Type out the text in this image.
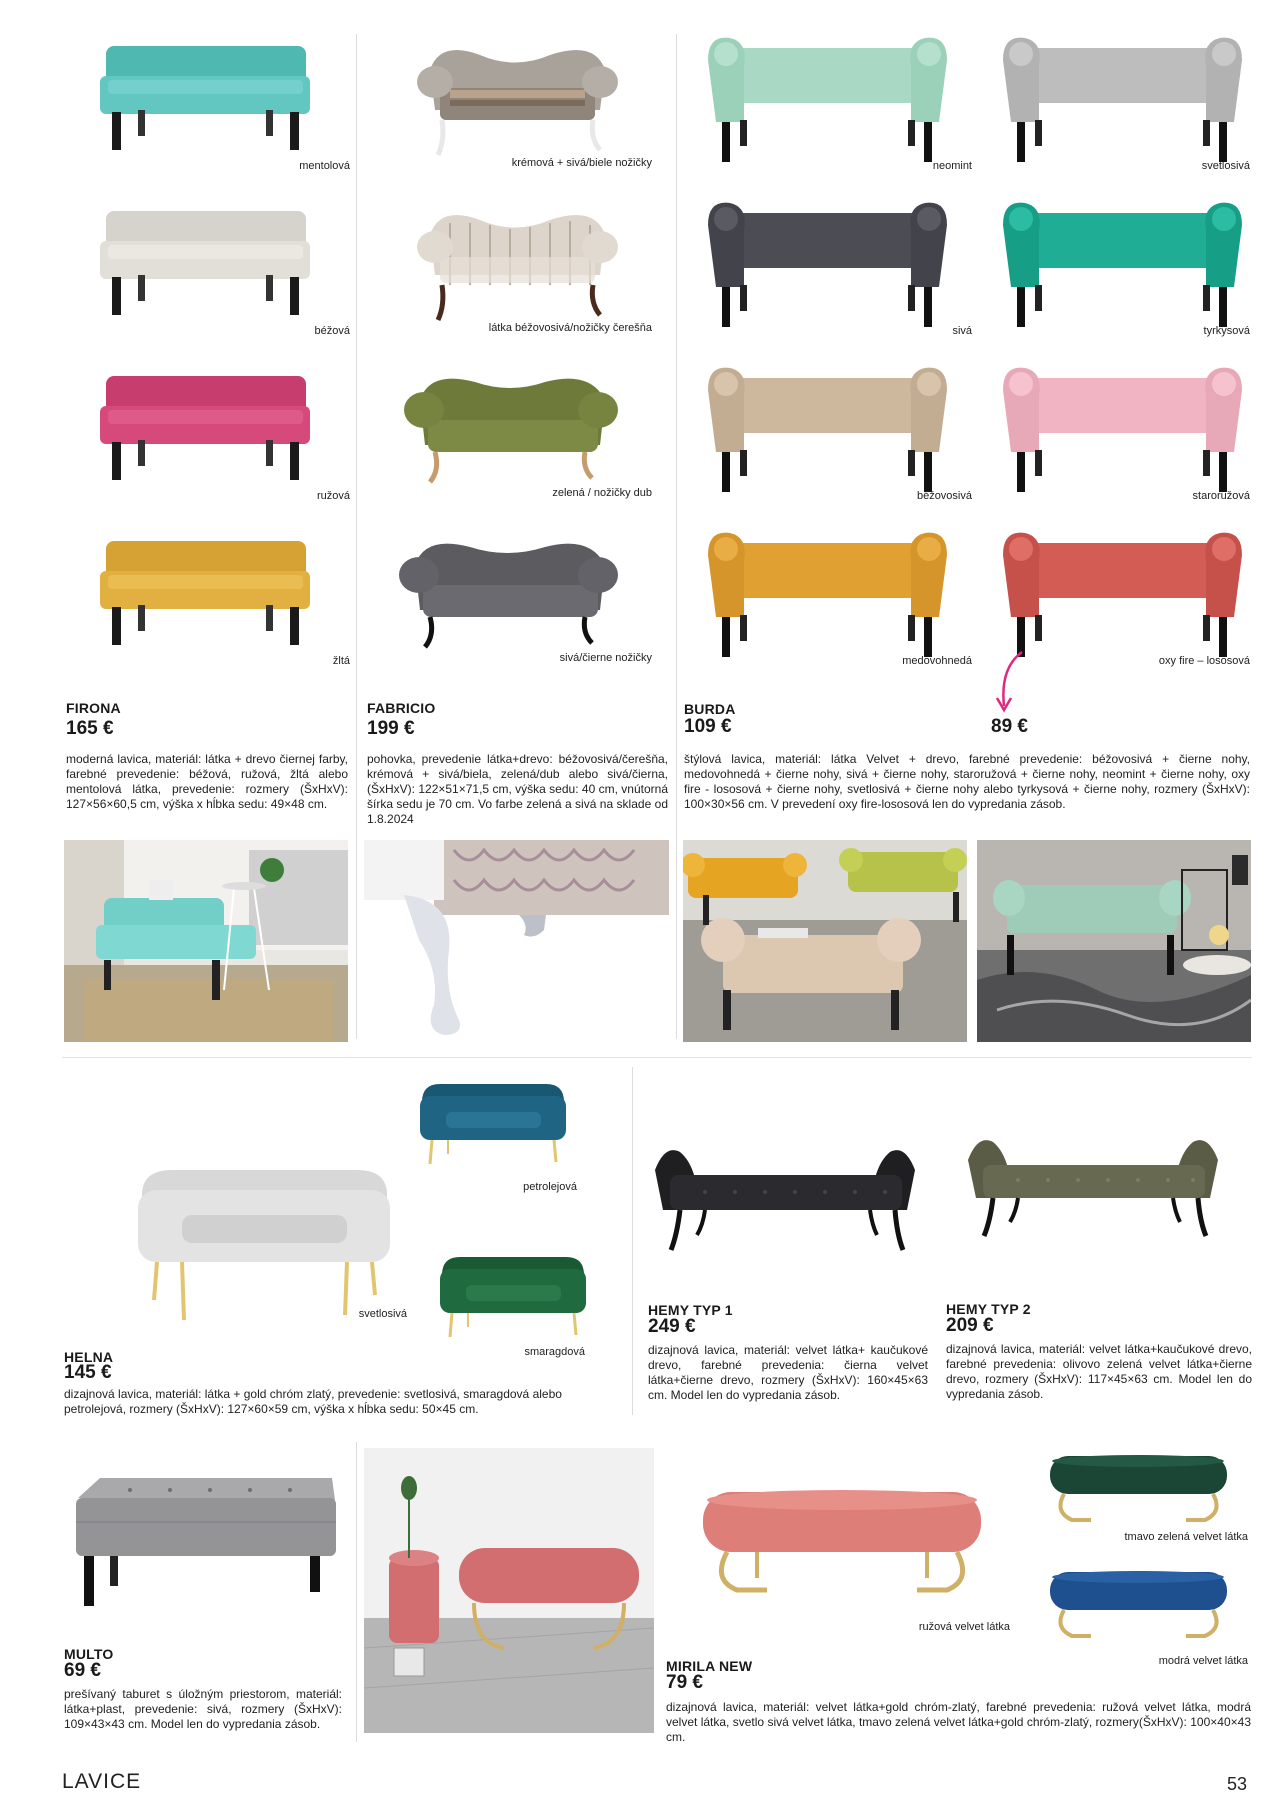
mentolová
béžová
ružová
žltá
FIRONA
165 €
moderná lavica, materiál: látka + drevo čiernej farby, farebné prevedenie: béžová, ružová, žltá alebo mentolová látka, prevedenie: rozmery (ŠxHxV): 127×56×60,5 cm, výška x hĺbka sedu: 49×48 cm.
krémová + sivá/biele nožičky
látka béžovosivá/nožičky čerešňa
zelená / nožičky dub
sivá/čierne nožičky
FABRICIO
199 €
pohovka, prevedenie látka+drevo: béžovosivá/čerešňa, krémová + sivá/biela, zelená/dub alebo sivá/čierna, (ŠxHxV): 122×51×71,5 cm, výška sedu: 40 cm, vnútorná šírka sedu je 70 cm. Vo farbe zelená a sivá na sklade od 1.8.2024
neomint
sivá
béžovosivá
medovohnedá
svetlosivá
tyrkysová
staroružová
oxy fire – lososová
BURDA
109 €	89 €
štýlová lavica, materiál: látka Velvet + drevo, farebné prevedenie: béžovosivá + čierne nohy, medovohnedá + čierne nohy, sivá + čierne nohy, staroružová + čierne nohy, neomint + čierne nohy, oxy fire - lososová + čierne nohy, svetlosivá + čierne nohy alebo tyrkysová + čierne nohy, rozmery (ŠxHxV): 100×30×56 cm. V prevedení oxy fire-lososová len do vypredania zásob.
svetlosivá
petrolejová
smaragdová
HELNA
145 €
dizajnová lavica, materiál: látka + gold chróm zlatý, prevedenie: svetlosivá, smaragdová alebo petrolejová, rozmery (ŠxHxV): 127×60×59 cm, výška x hĺbka sedu: 50×45 cm.
HEMY TYP 1
249 €
dizajnová lavica, materiál: velvet látka+ kaučukové drevo, farebné prevedenia: čierna velvet látka+čierne drevo, rozmery (ŠxHxV): 160×45×63 cm. Model len do vypredania zásob.
HEMY TYP 2
209 €
dizajnová lavica, materiál: velvet látka+kaučukové drevo, farebné prevedenia: olivovo zelená velvet látka+čierne drevo, rozmery (ŠxHxV): 117×45×63 cm. Model len do vypredania zásob.
MULTO
69 €
prešívaný taburet s úložným priestorom, materiál: látka+plast, prevedenie: sivá, rozmery (ŠxHxV): 109×43×43 cm. Model len do vypredania zásob.
ružová velvet látka
tmavo zelená velvet látka
modrá velvet látka
MIRILA NEW
79 €
dizajnová lavica, materiál: velvet látka+gold chróm-zlatý, farebné prevedenia: ružová velvet látka, modrá velvet látka, svetlo sivá velvet látka, tmavo zelená velvet látka+gold chróm-zlatý, rozmery(ŠxHxV): 100×40×43 cm.
LAVICE	53
